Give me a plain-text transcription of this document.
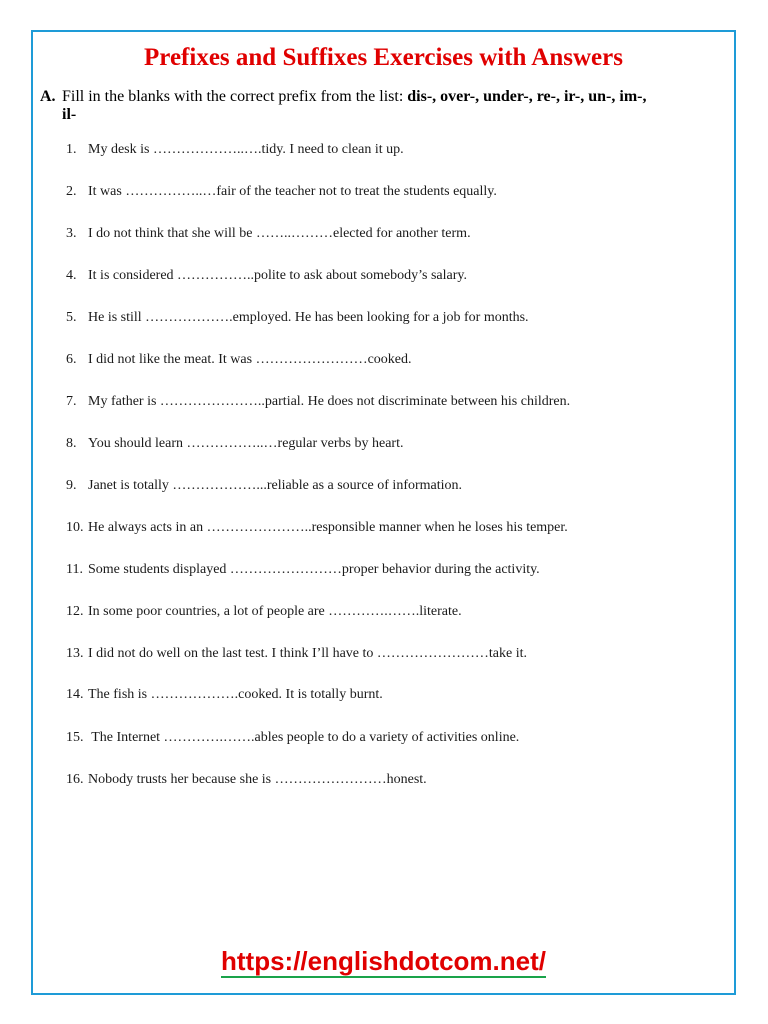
Prefixes and Suffixes Exercises with Answers
A. Fill in the blanks with the correct prefix from the list: dis-, over-, under-, re-, ir-, un-, im-,
il-
1. My desk is ………………..….tidy. I need to clean it up.
2. It was ……………..…fair of the teacher not to treat the students equally.
3. I do not think that she will be ……..………elected for another term.
4. It is considered ……………..polite to ask about somebody’s salary.
5. He is still ……………….employed. He has been looking for a job for months.
6. I did not like the meat. It was ……………………cooked.
7. My father is …………………..partial. He does not discriminate between his children.
8. You should learn ……………..…regular verbs by heart.
9. Janet is totally ………………...reliable as a source of information.
10. He always acts in an …………………..responsible manner when he loses his temper.
11. Some students displayed ……………………proper behavior during the activity.
12. In some poor countries, a lot of people are ………….…….literate.
13. I did not do well on the last test. I think I’ll have to ……………………take it.
14. The fish is ……………….cooked. It is totally burnt.
15. The Internet ………….…….ables people to do a variety of activities online.
16. Nobody trusts her because she is ……………………honest.
https://englishdotcom.net/
